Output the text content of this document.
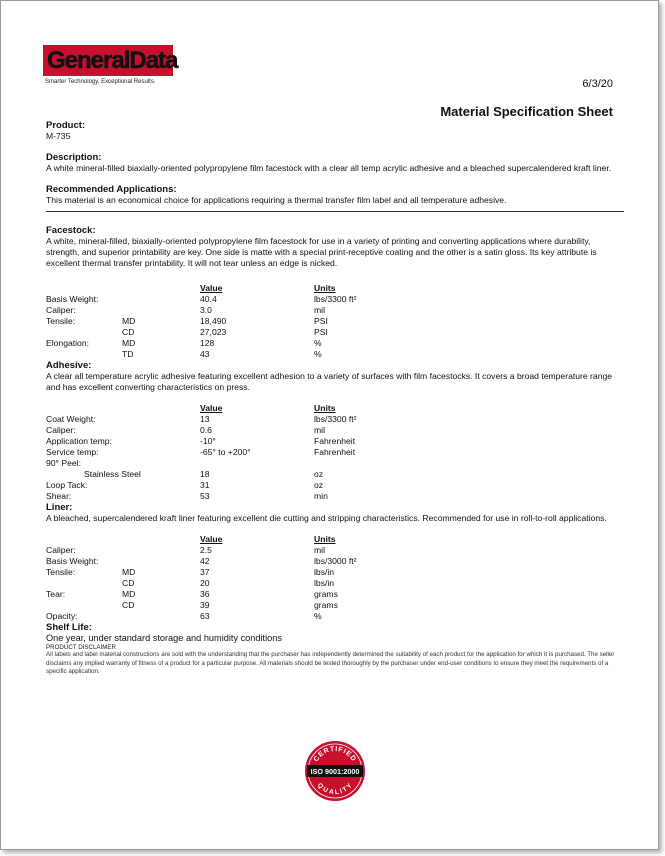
GeneralData
Smarter Technology. Exceptional Results.	6/3/20
Material Specification Sheet
Product:

M-735

Description:

A white mineral-filled biaxially-oriented polypropylene film facestock with a clear all temp acrylic adhesive and a bleached supercalendered kraft liner.

Recommended Applications:

This material is an economical choice for applications requiring a thermal transfer film label and all temperature adhesive.

Facestock:

A white, mineral-filled, biaxially-oriented polypropylene film facestock for use in a variety of printing and converting applications where durability, strength, and superior printability are key. One side is matte with a special print-receptive coating and the other is a satin gloss. Its key attribute is excellent thermal transfer printability. It will not tear unless an edge is nicked.

		Value	Units
Basis Weight:		40.4	lbs/3300 ft²
Caliper:		3.0	mil
Tensile:	MD	18,490	PSI
	CD	27,023	PSI
Elongation:	MD	128	%
	TD	43	%
Adhesive:

A clear all temperature acrylic adhesive featuring excellent adhesion to a variety of surfaces with film facestocks. It covers a broad temperature range and has excellent converting characteristics on press.

		Value	Units
Coat Weight:		13	lbs/3300 ft²
Caliper:		0.6	mil
Application temp:		-10°	Fahrenheit
Service temp:		-65° to +200°	Fahrenheit
90° Peel:			
Stainless Steel		18	oz
Loop Tack:		31	oz
Shear:		53	min
Liner:

A bleached, supercalendered kraft liner featuring excellent die cutting and stripping characteristics. Recommended for use in roll-to-roll applications.

		Value	Units
Caliper:		2.5	mil
Basis Weight:		42	lbs/3000 ft²
Tensile:	MD	37	lbs/in
	CD	20	lbs/in
Tear:	MD	36	grams
	CD	39	grams
Opacity:		63	%
Shelf Life:

One year, under standard storage and humidity conditions

PRODUCT DISCLAIMER

All labels and label material constructions are sold with the understanding that the purchaser has independently determined the suitability of each product for the application for which it is purchased. The seller disclaims any implied warranty of fitness of a product for a particular purpose. All materials should be tested thoroughly by the purchaser under end-user conditions to ensure they meet the requirements of a specific application.

CERTIFIED
ISO 9001:2000
QUALITY
